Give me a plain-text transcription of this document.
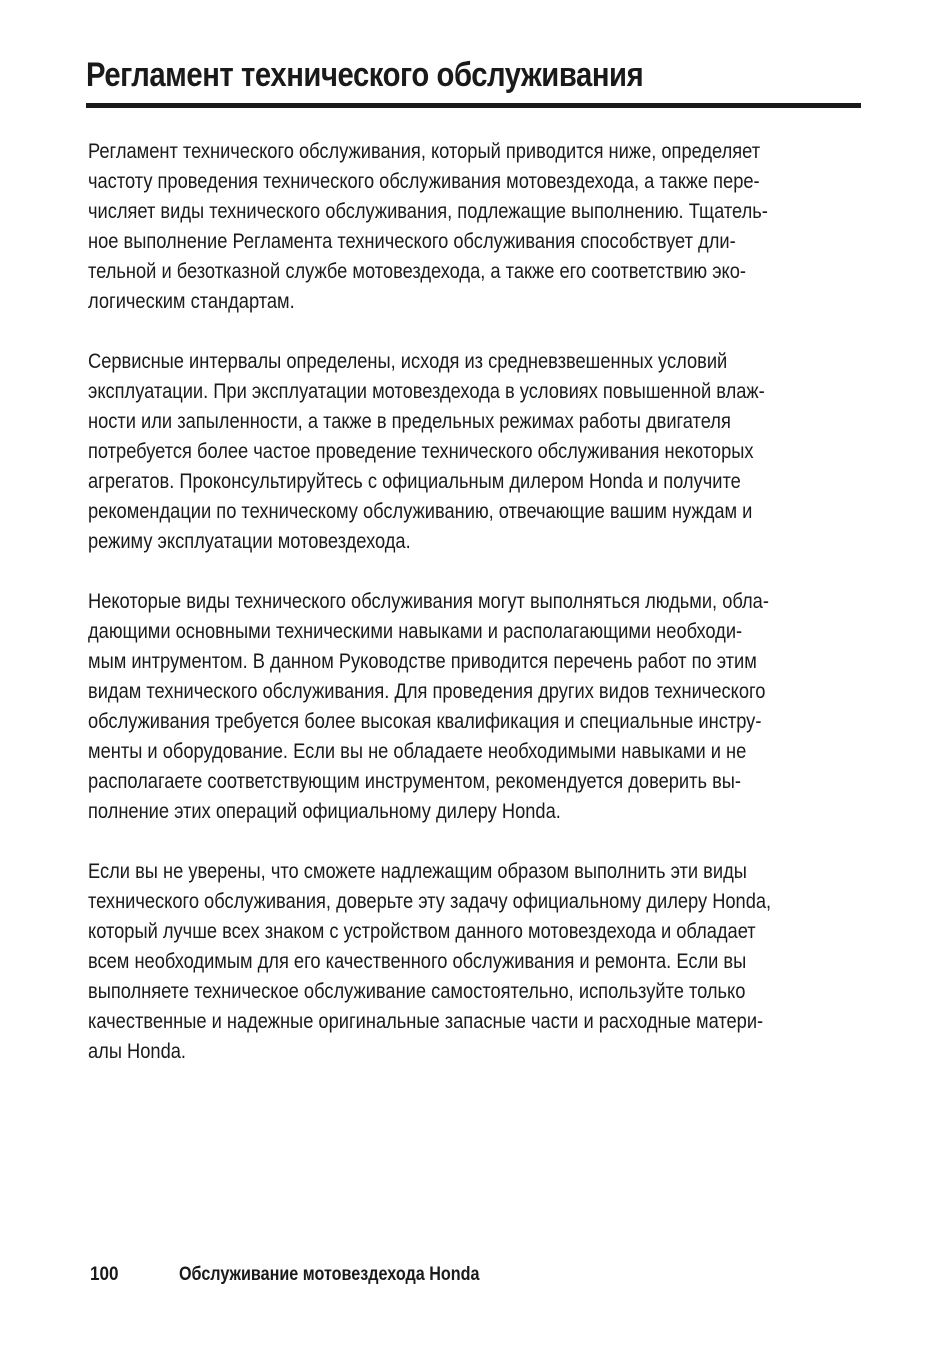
Регламент технического обслуживания

Регламент технического обслуживания, который приводится ниже, определяет
частоту проведения технического обслуживания мотовездехода, а также пере-
числяет виды технического обслуживания, подлежащие выполнению. Тщатель-
ное выполнение Регламента технического обслуживания способствует дли-
тельной и безотказной службе мотовездехода, а также его соответствию эко-
логическим стандартам.

Сервисные интервалы определены, исходя из средневзвешенных условий
эксплуатации. При эксплуатации мотовездехода в условиях повышенной влаж-
ности или запыленности, а также в предельных режимах работы двигателя
потребуется более частое проведение технического обслуживания некоторых
агрегатов. Проконсультируйтесь с официальным дилером Honda и получите
рекомендации по техническому обслуживанию, отвечающие вашим нуждам и
режиму эксплуатации мотовездехода.

Некоторые виды технического обслуживания могут выполняться людьми, обла-
дающими основными техническими навыками и располагающими необходи-
мым интрументом. В данном Руководстве приводится перечень работ по этим
видам технического обслуживания. Для проведения других видов технического
обслуживания требуется более высокая квалификация и специальные инстру-
менты и оборудование. Если вы не обладаете необходимыми навыками и не
располагаете соответствующим инструментом, рекомендуется доверить вы-
полнение этих операций официальному дилеру Honda.

Если вы не уверены, что сможете надлежащим образом выполнить эти виды
технического обслуживания, доверьте эту задачу официальному дилеру Honda,
который лучше всех знаком с устройством данного мотовездехода и обладает
всем необходимым для его качественного обслуживания и ремонта. Если вы
выполняете техническое обслуживание самостоятельно, используйте только
качественные и надежные оригинальные запасные части и расходные матери-
алы Honda.

100	Обслуживание мотовездехода Honda
